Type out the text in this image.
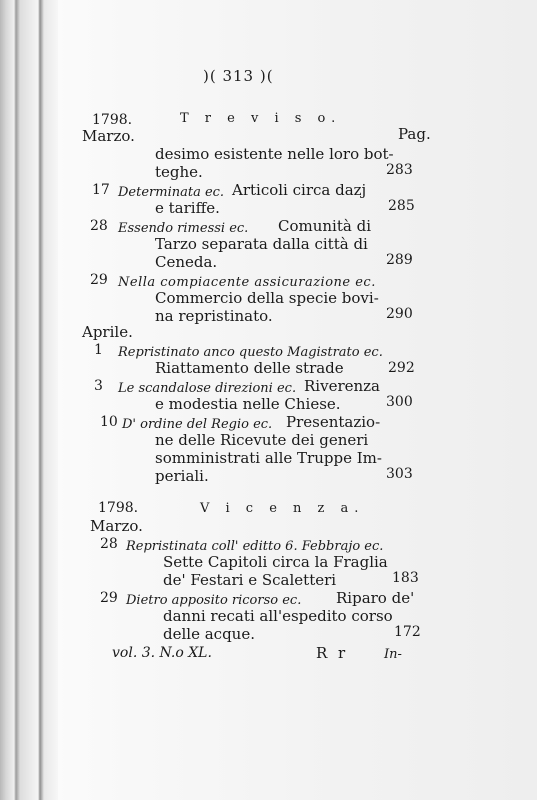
)( 313 )(
1798.	T r e v i s o.
Marzo.	Pag.
desimo esistente nelle loro bot-
teghe.	283
17 Determinata ec. Articoli circa dazj
e tariffe.	285
28 Essendo rimessi ec. Comunità di
Tarzo separata dalla città di
Ceneda.	289
29 Nella compiacente assicurazione ec.
Commercio della specie bovi-
na repristinato.	290
Aprile.
1 Repristinato anco questo Magistrato ec.
Riattamento delle strade	292
3 Le scandalose direzioni ec. Riverenza
e modestia nelle Chiese.	300
10 D' ordine del Regio ec. Presentazio-
ne delle Ricevute dei generi
somministrati alle Truppe Im-
periali.	303
1798.	V i c e n z a.
Marzo.
28 Repristinata coll' editto 6. Febbrajo ec.
Sette Capitoli circa la Fraglia
de' Festari e Scaletteri	183
29 Dietro apposito ricorso ec. Riparo de'
danni recati all'espedito corso
delle acque.	172
vol. 3. N.o XL.	R r	In-
